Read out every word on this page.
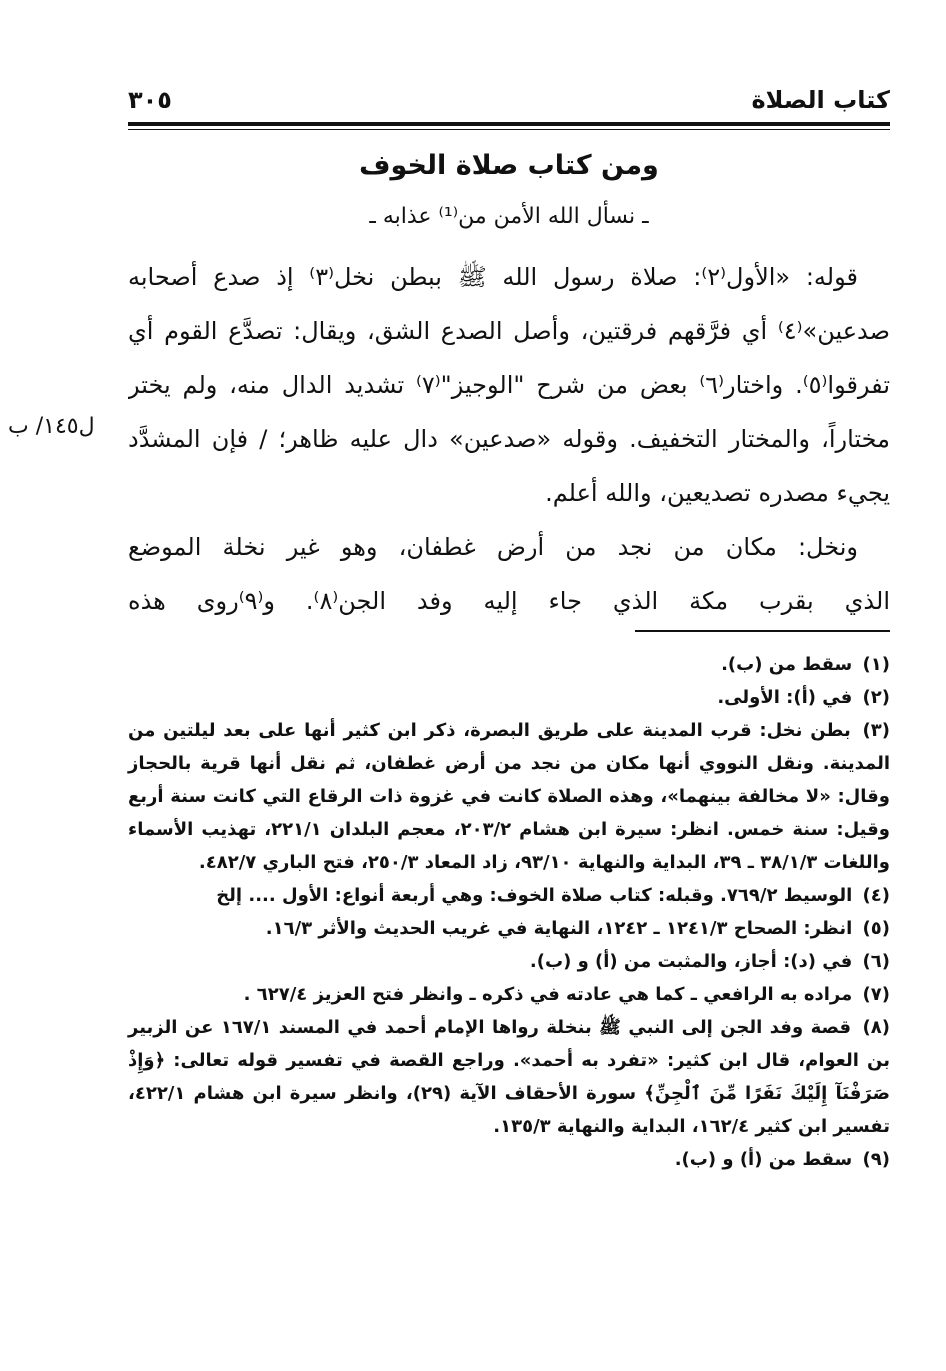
كتاب الصلاة
٣٠٥
ومن كتاب صلاة الخوف
ـ نسأل الله الأمن من⁽¹⁾ عذابه ـ
قوله: «الأول⁽٢⁾: صلاة رسول الله ﷺ ببطن نخل⁽٣⁾ إذ صدع أصحابه
صدعين»⁽٤⁾ أي فرَّقهم فرقتين، وأصل الصدع الشق، ويقال: تصدَّع القوم أي
تفرقوا⁽٥⁾. واختار⁽٦⁾ بعض من شرح "الوجيز"⁽٧⁾ تشديد الدال منه، ولم يختر
مختاراً، والمختار التخفيف. وقوله «صدعين» دال عليه ظاهر؛ / فإن المشدَّد
يجيء مصدره تصديعين، والله أعلم.
ونخل: مكان من نجد من أرض غطفان، وهو غير نخلة الموضع
الذي بقرب مكة الذي جاء إليه وفد الجن⁽٨⁾. و⁽٩⁾روى هذه
ل١٤٥/ ب
(١) سقط من (ب).
(٢) في (أ): الأولى.
(٣) بطن نخل: قرب المدينة على طريق البصرة، ذكر ابن كثير أنها على بعد ليلتين من المدينة. ونقل النووي أنها مكان من نجد من أرض غطفان، ثم نقل أنها قرية بالحجاز وقال: «لا مخالفة بينهما»، وهذه الصلاة كانت في غزوة ذات الرقاع التي كانت سنة أربع وقيل: سنة خمس. انظر: سيرة ابن هشام ٢٠٣/٢، معجم البلدان ٢٢١/١، تهذيب الأسماء واللغات ٣٨/١/٣ ـ ٣٩، البداية والنهاية ٩٣/١٠، زاد المعاد ٢٥٠/٣، فتح الباري ٤٨٢/٧.
(٤) الوسيط ٧٦٩/٢. وقبله: كتاب صلاة الخوف: وهي أربعة أنواع: الأول .... إلخ
(٥) انظر: الصحاح ١٢٤١/٣ ـ ١٢٤٢، النهاية في غريب الحديث والأثر ١٦/٣.
(٦) في (د): أجاز، والمثبت من (أ) و (ب).
(٧) مراده به الرافعي ـ كما هي عادته في ذكره ـ وانظر فتح العزيز ٦٢٧/٤ .
(٨) قصة وفد الجن إلى النبي ﷺ بنخلة رواها الإمام أحمد في المسند ١٦٧/١ عن الزبير بن العوام، قال ابن كثير: «تفرد به أحمد». وراجع القصة في تفسير قوله تعالى: ﴿وَإِذْ صَرَفْنَآ إِلَيْكَ نَفَرًا مِّنَ ٱلْجِنِّ﴾ سورة الأحقاف الآية (٢٩)، وانظر سيرة ابن هشام ٤٢٢/١، تفسير ابن كثير ١٦٢/٤، البداية والنهاية ١٣٥/٣.
(٩) سقط من (أ) و (ب).
